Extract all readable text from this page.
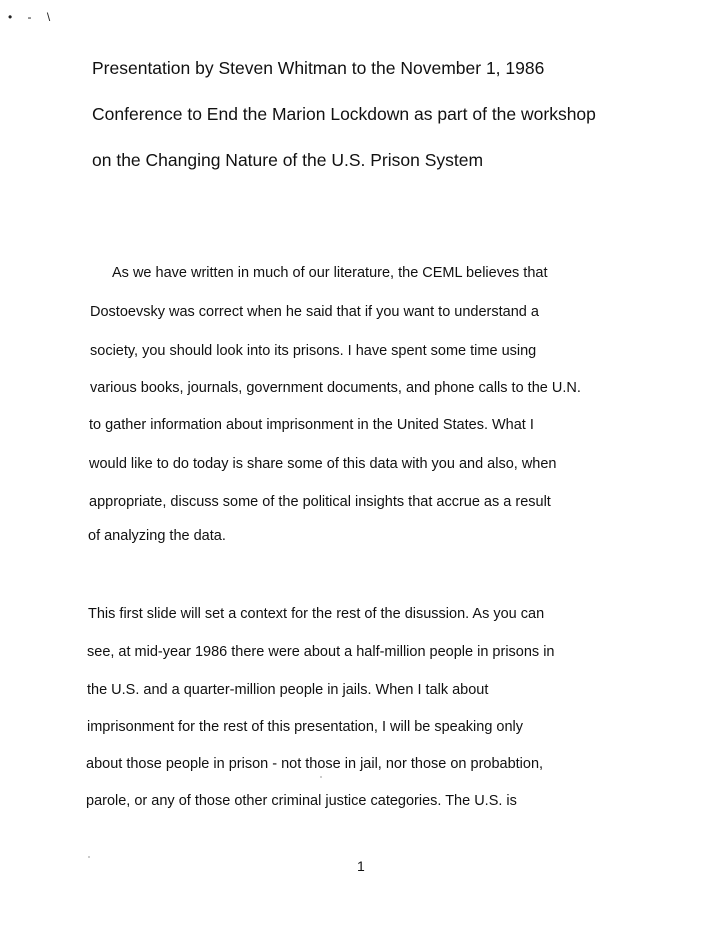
• - \
Presentation by Steven Whitman to the November 1, 1986
Conference to End the Marion Lockdown as part of the workshop
on the Changing Nature of the U.S. Prison System
As we have written in much of our literature, the CEML believes that
Dostoevsky was correct when he said that if you want to understand a
society, you should look into its prisons. I have spent some time using
various books, journals, government documents, and phone calls to the U.N.
to gather information about imprisonment in the United States. What I
would like to do today is share some of this data with you and also, when
appropriate, discuss some of the political insights that accrue as a result
of analyzing the data.
This first slide will set a context for the rest of the disussion. As you can
see, at mid-year 1986 there were about a half-million people in prisons in
the U.S. and a quarter-million people in jails. When I talk about
imprisonment for the rest of this presentation, I will be speaking only
about those people in prison - not those in jail, nor those on probabtion,
parole, or any of those other criminal justice categories. The U.S. is
1
